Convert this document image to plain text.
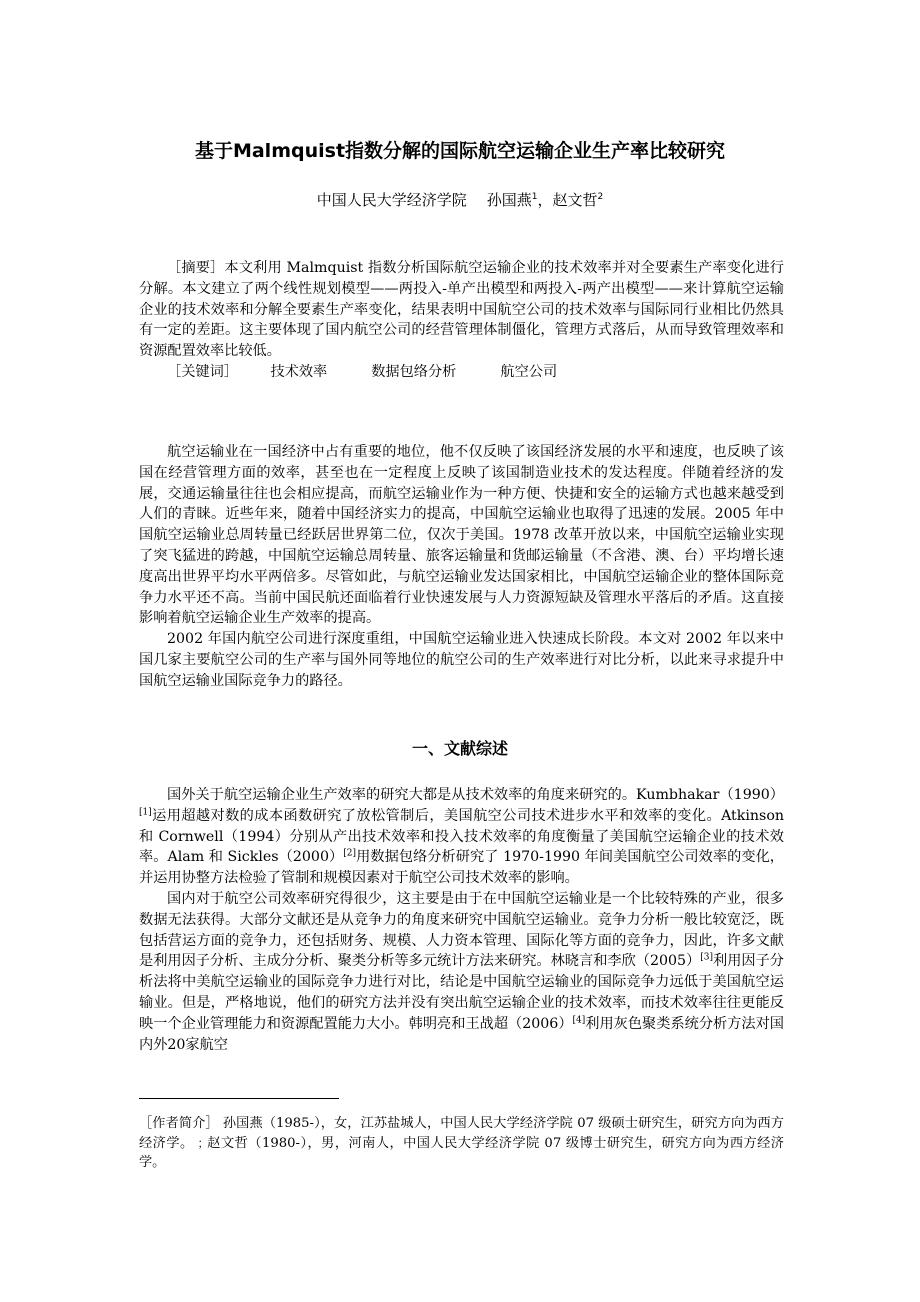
基于Malmquist指数分解的国际航空运输企业生产率比较研究
中国人民大学经济学院 孙国燕$^1$，赵文哲$^2$
［摘要］本文利用 Malmquist 指数分析国际航空运输企业的技术效率并对全要素生产率变化进行分解。本文建立了两个线性规划模型——两投入-单产出模型和两投入-两产出模型——来计算航空运输企业的技术效率和分解全要素生产率变化，结果表明中国航空公司的技术效率与国际同行业相比仍然具有一定的差距。这主要体现了国内航空公司的经营管理体制僵化，管理方式落后，从而导致管理效率和资源配置效率比较低。
［关键词］ 技术效率	数据包络分析	航空公司

航空运输业在一国经济中占有重要的地位，他不仅反映了该国经济发展的水平和速度，也反映了该国在经营管理方面的效率，甚至也在一定程度上反映了该国制造业技术的发达程度。伴随着经济的发展，交通运输量往往也会相应提高，而航空运输业作为一种方便、快捷和安全的运输方式也越来越受到人们的青睐。近些年来，随着中国经济实力的提高，中国航空运输业也取得了迅速的发展。2005 年中国航空运输业总周转量已经跃居世界第二位，仅次于美国。1978 改革开放以来，中国航空运输业实现了突飞猛进的跨越，中国航空运输总周转量、旅客运输量和货邮运输量（不含港、澳、台）平均增长速度高出世界平均水平两倍多。尽管如此，与航空运输业发达国家相比，中国航空运输企业的整体国际竞争力水平还不高。当前中国民航还面临着行业快速发展与人力资源短缺及管理水平落后的矛盾。这直接影响着航空运输企业生产效率的提高。

2002 年国内航空公司进行深度重组，中国航空运输业进入快速成长阶段。本文对 2002 年以来中国几家主要航空公司的生产率与国外同等地位的航空公司的生产效率进行对比分析，以此来寻求提升中国航空运输业国际竞争力的路径。

一、文献综述

国外关于航空运输企业生产效率的研究大都是从技术效率的角度来研究的。Kumbhakar（1990）[1]运用超越对数的成本函数研究了放松管制后，美国航空公司技术进步水平和效率的变化。Atkinson 和 Cornwell（1994）分别从产出技术效率和投入技术效率的角度衡量了美国航空运输企业的技术效率。Alam 和 Sickles（2000）[2]用数据包络分析研究了 1970-1990 年间美国航空公司效率的变化，并运用协整方法检验了管制和规模因素对于航空公司技术效率的影响。

国内对于航空公司效率研究得很少，这主要是由于在中国航空运输业是一个比较特殊的产业，很多数据无法获得。大部分文献还是从竞争力的角度来研究中国航空运输业。竞争力分析一般比较宽泛，既包括营运方面的竞争力，还包括财务、规模、人力资本管理、国际化等方面的竞争力，因此，许多文献是利用因子分析、主成分分析、聚类分析等多元统计方法来研究。林晓言和李欣（2005）[3]利用因子分析法将中美航空运输业的国际竞争力进行对比，结论是中国航空运输业的国际竞争力远低于美国航空运输业。但是，严格地说，他们的研究方法并没有突出航空运输企业的技术效率，而技术效率往往更能反映一个企业管理能力和资源配置能力大小。韩明亮和王战超（2006）[4]利用灰色聚类系统分析方法对国内外20家航空

［作者简介］ 孙国燕（1985-），女，江苏盐城人，中国人民大学经济学院 07 级硕士研究生，研究方向为西方经济学。﹔赵文哲（1980-），男，河南人，中国人民大学经济学院 07 级博士研究生，研究方向为西方经济学。
